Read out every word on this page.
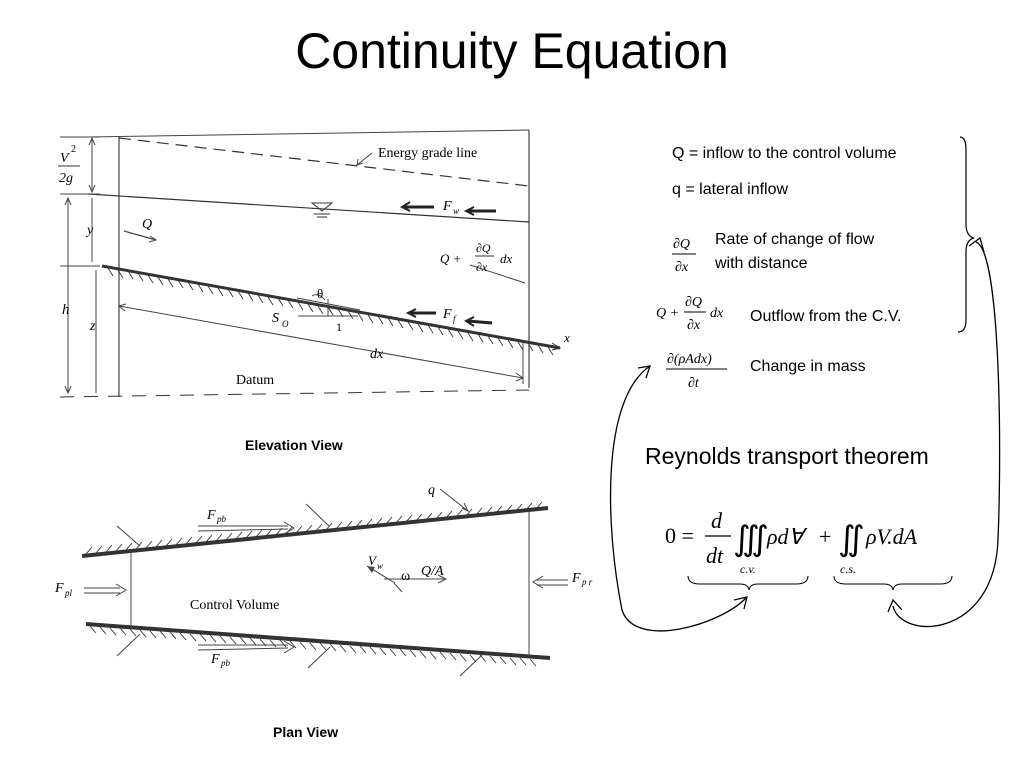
Continuity Equation
Energy grade line
V
2
2g
y
h
z
Q
F w
F f
θ
S O	1
dx
x
Datum
Q +
∂Q
∂x
dx
Elevation View
q
F pb
F pb
F pl
F p r
V w
ω Q/A
Control Volume
Plan View
Q = inflow to the control volume
q = lateral inflow
∂Q
∂x
Q +
∂Q
∂x
dx
∂(ρAdx)
∂t
0 =
d
dt ∭
ρd∀ + ∬ ρV.dA
c.v.	c.s.
Rate of change of flow
with distance
Outflow from the C.V.
Change in mass
Reynolds transport theorem
